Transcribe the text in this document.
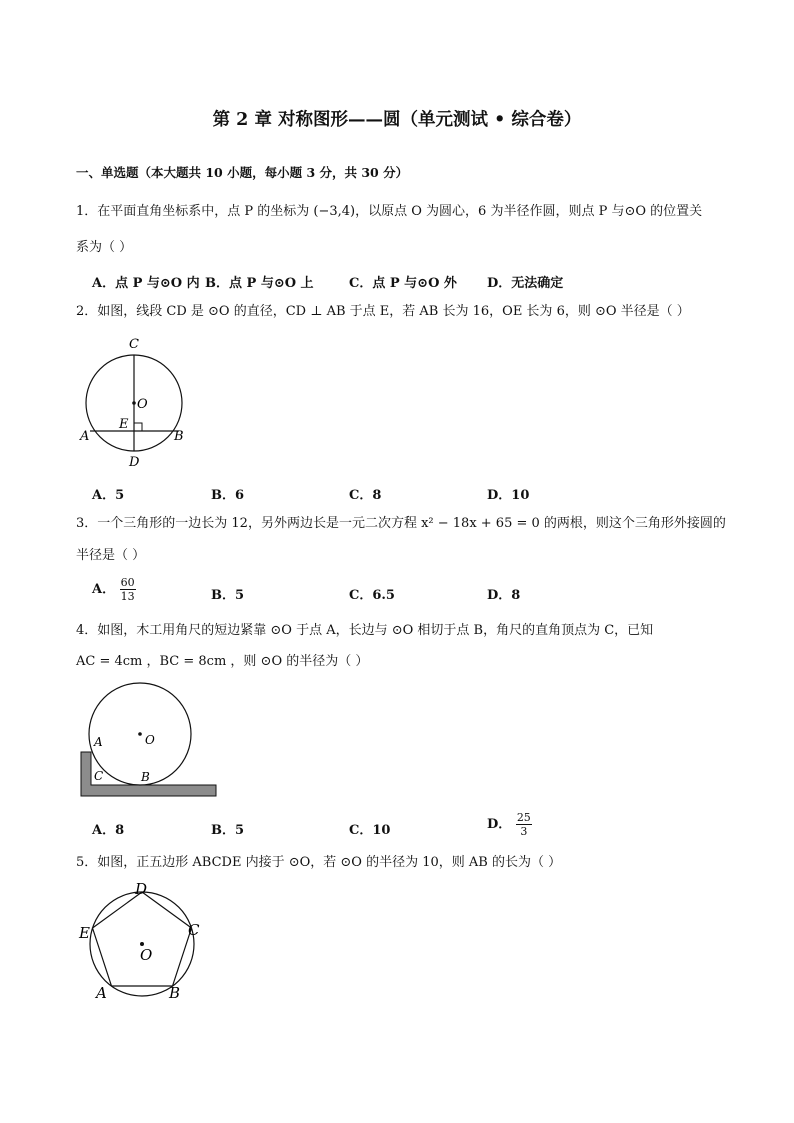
第 2 章 对称图形——圆（单元测试 • 综合卷）
一、单选题（本大题共 10 小题，每小题 3 分，共 30 分）
1．在平面直角坐标系中，点 P 的坐标为 (−3,4)，以原点 O 为圆心，6 为半径作圆，则点 P 与⊙O 的位置关
系为（ ）
A．点 P 与⊙O 内 B．点 P 与⊙O 上	C．点 P 与⊙O 外 D．无法确定
2．如图，线段 CD 是 ⊙O 的直径，CD ⊥ AB 于点 E，若 AB 长为 16，OE 长为 6，则 ⊙O 半径是（ ）
C
O
E
A	B
D
A．5	B．6	C．8	D．10
3．一个三角形的一边长为 12，另外两边长是一元二次方程 x² − 18x + 65 = 0 的两根，则这个三角形外接圆的
半径是（ ）
A． $\frac{60}{13}$	B．5	C．6.5	D．8
4．如图，木工用角尺的短边紧靠 ⊙O 于点 A，长边与 ⊙O 相切于点 B，角尺的直角顶点为 C，已知
AC = 4cm ，BC = 8cm ，则 ⊙O 的半径为（ ）
A	O
C	B
A．8	B．5	C．10	D． $\frac{25}{3}$
5．如图，正五边形 ABCDE 内接于 ⊙O，若 ⊙O 的半径为 10，则 AB 的长为（ ）
D
E	C
O
A	B
